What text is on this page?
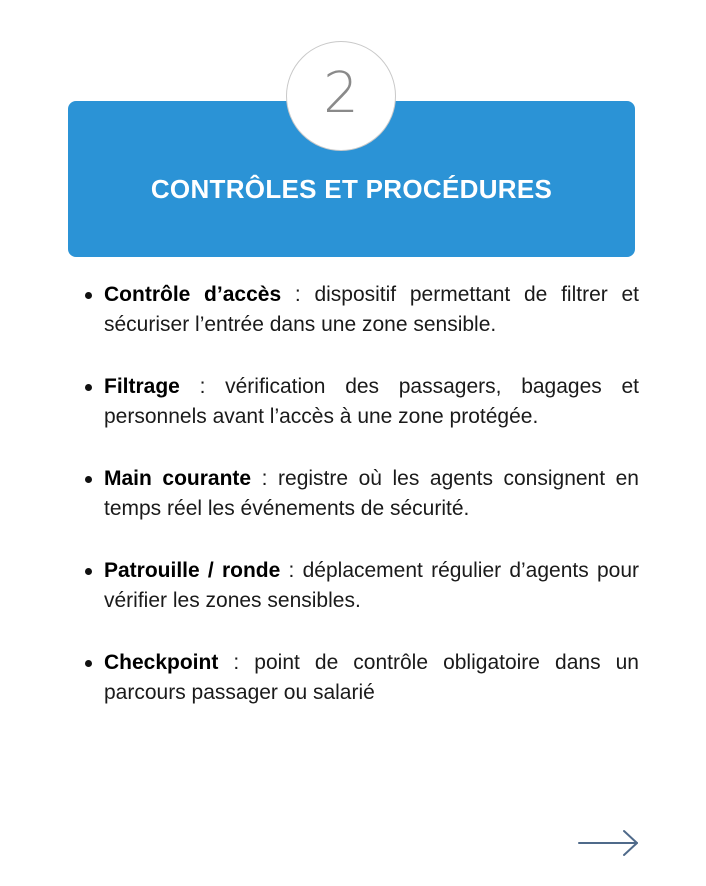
CONTRÔLES ET PROCÉDURES
2
Contrôle d’accès : dispositif permettant de filtrer et sécuriser l’entrée dans une zone sensible.
Filtrage : vérification des passagers, bagages et personnels avant l’accès à une zone protégée.
Main courante : registre où les agents consignent en temps réel les événements de sécurité.
Patrouille / ronde : déplacement régulier d’agents pour vérifier les zones sensibles.
Checkpoint : point de contrôle obligatoire dans un parcours passager ou salarié
